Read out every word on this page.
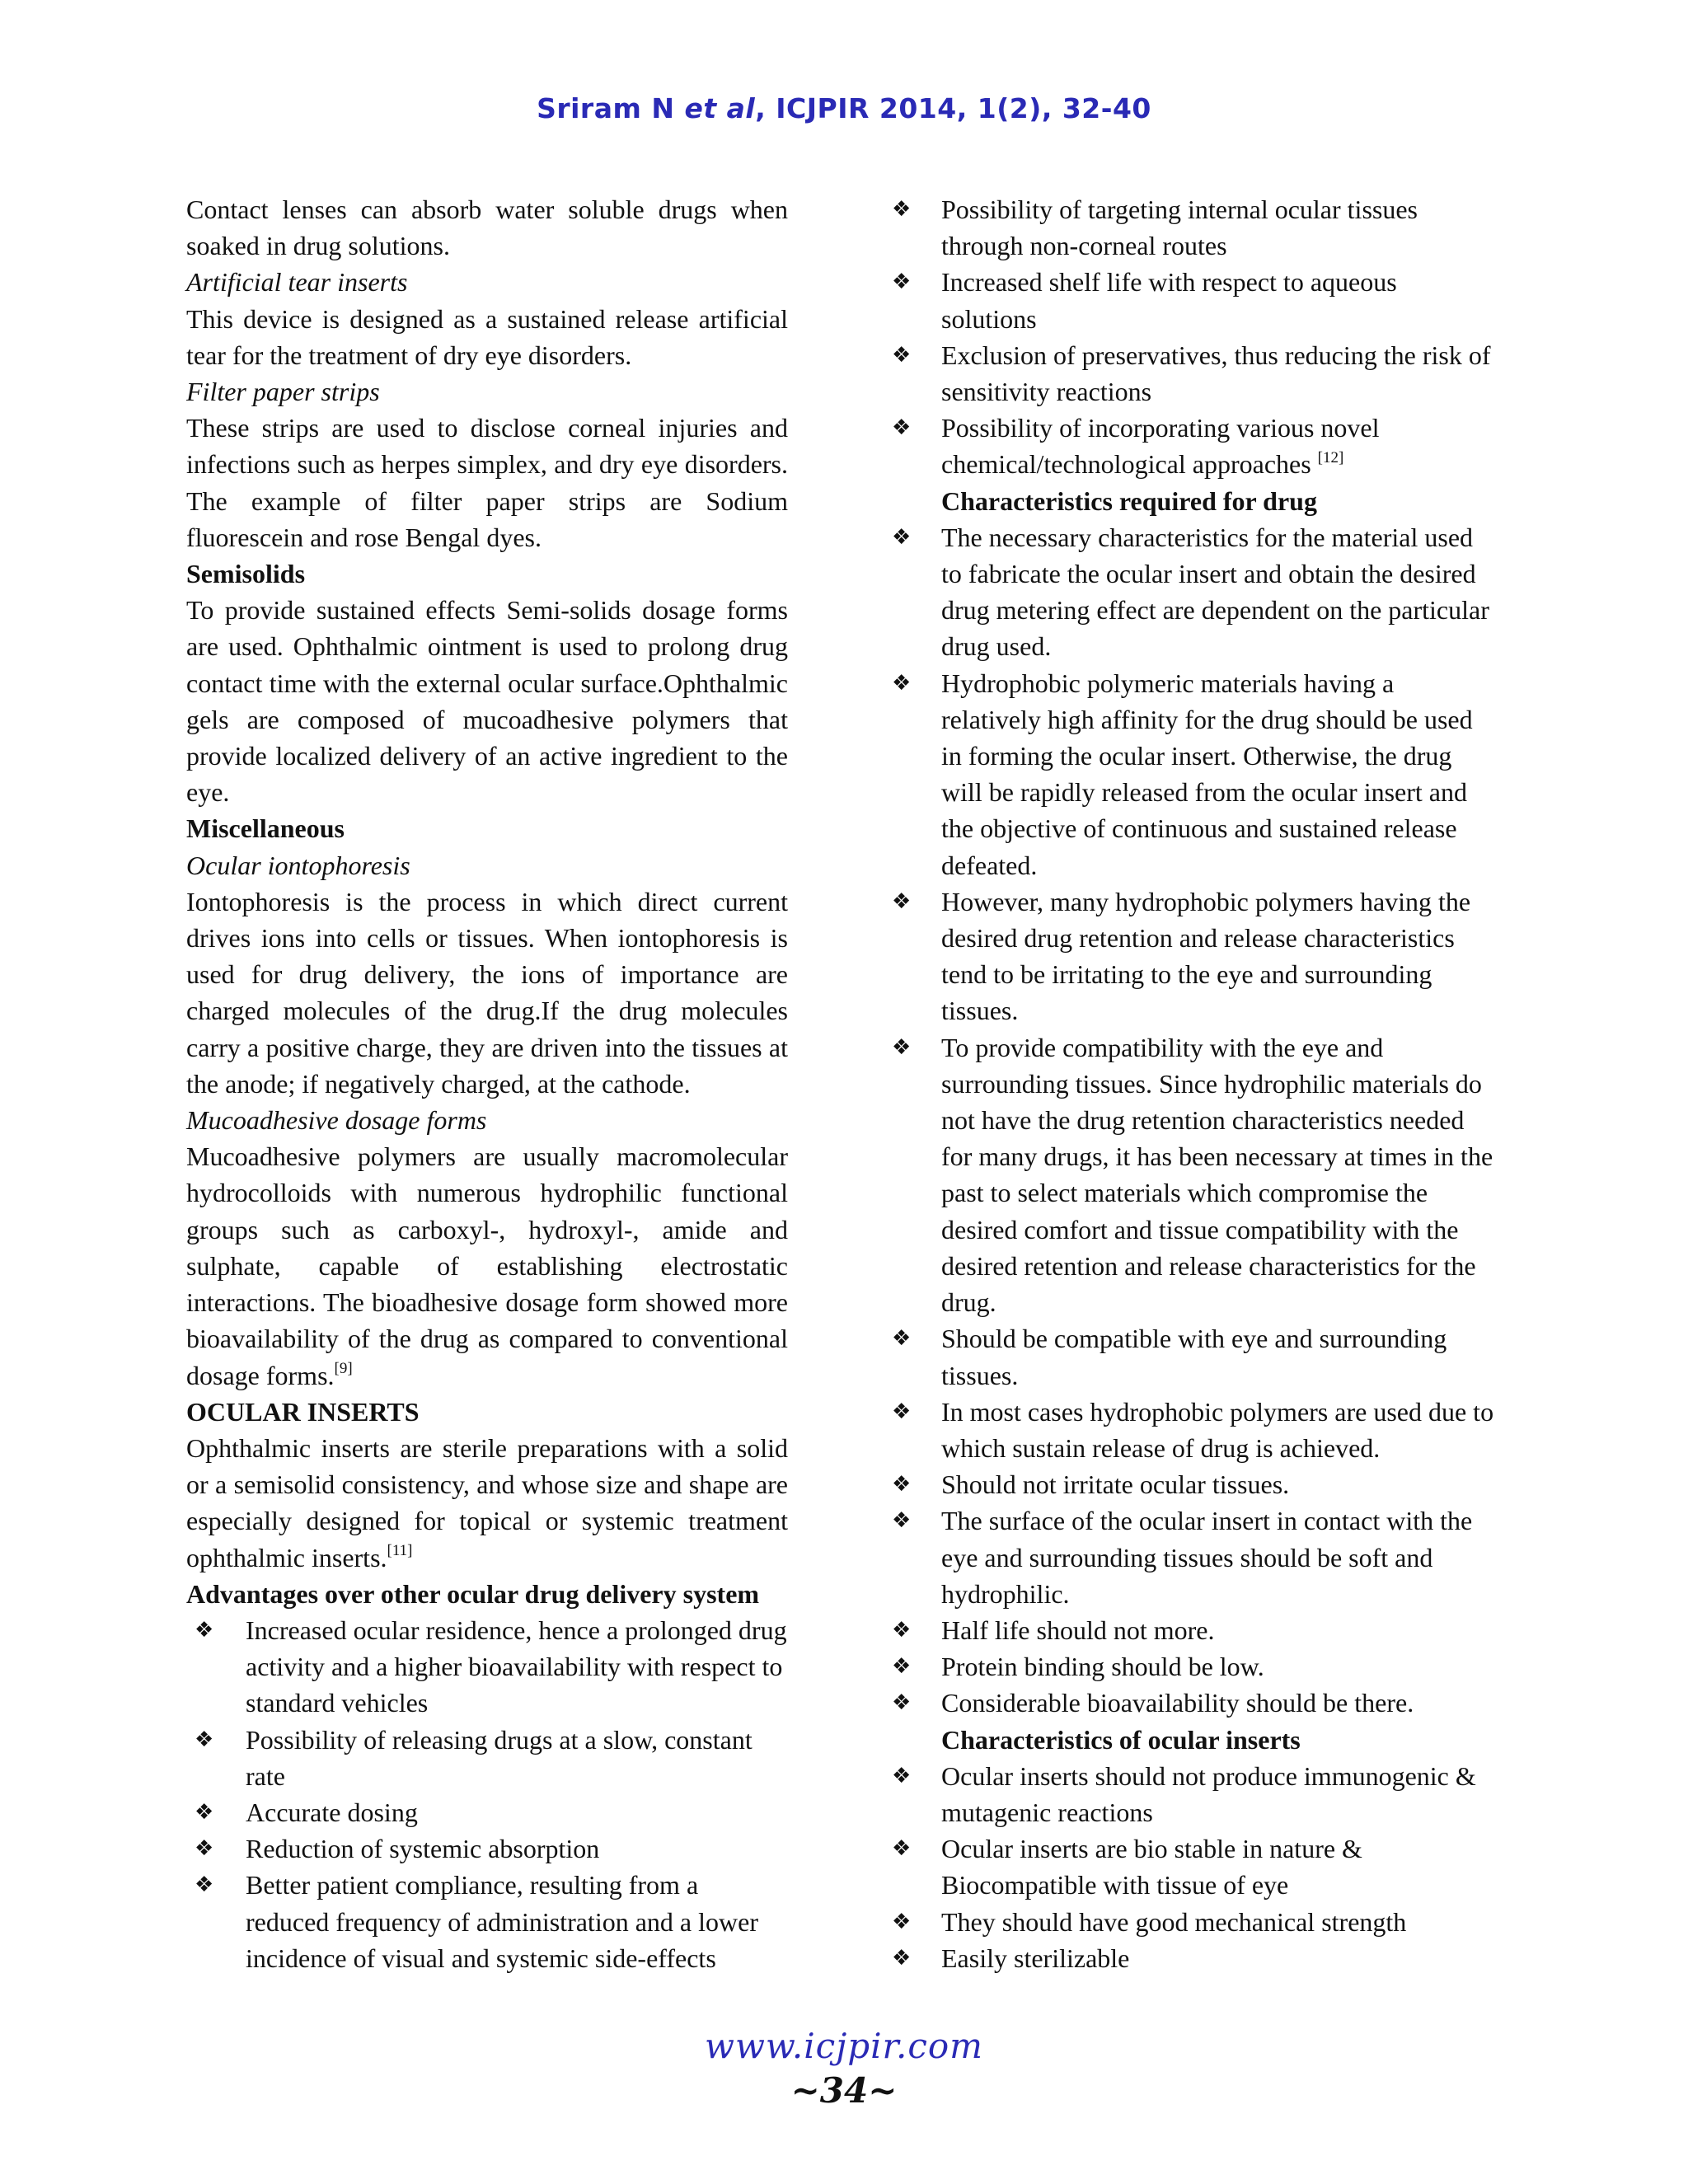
Sriram N et al, ICJPIR 2014, 1(2), 32-40

Contact lenses can absorb water soluble drugs when soaked in drug solutions.

Artificial tear inserts

This device is designed as a sustained release artificial tear for the treatment of dry eye disorders.

Filter paper strips

These strips are used to disclose corneal injuries and infections such as herpes simplex, and dry eye disorders. The example of filter paper strips are Sodium fluorescein and rose Bengal dyes.

Semisolids

To provide sustained effects Semi-solids dosage forms are used. Ophthalmic ointment is used to prolong drug contact time with the external ocular surface.Ophthalmic gels are composed of mucoadhesive polymers that provide localized delivery of an active ingredient to the eye.

Miscellaneous

Ocular iontophoresis

Iontophoresis is the process in which direct current drives ions into cells or tissues. When iontophoresis is used for drug delivery, the ions of importance are charged molecules of the drug.If the drug molecules carry a positive charge, they are driven into the tissues at the anode; if negatively charged, at the cathode.

Mucoadhesive dosage forms

Mucoadhesive polymers are usually macromolecular hydrocolloids with numerous hydrophilic functional groups such as carboxyl-, hydroxyl-, amide and sulphate, capable of establishing electrostatic interactions. The bioadhesive dosage form showed more bioavailability of the drug as compared to conventional dosage forms.[9]

OCULAR INSERTS

Ophthalmic inserts are sterile preparations with a solid or a semisolid consistency, and whose size and shape are especially designed for topical or systemic treatment ophthalmic inserts.[11]

Advantages over other ocular drug delivery system

❖ Increased ocular residence, hence a prolonged drug activity and a higher bioavailability with respect to standard vehicles
❖ Possibility of releasing drugs at a slow, constant rate
❖ Accurate dosing
❖ Reduction of systemic absorption
❖ Better patient compliance, resulting from a reduced frequency of administration and a lower incidence of visual and systemic side-effects
❖ Possibility of targeting internal ocular tissues through non-corneal routes
❖ Increased shelf life with respect to aqueous solutions
❖ Exclusion of preservatives, thus reducing the risk of sensitivity reactions
❖ Possibility of incorporating various novel chemical/technological approaches [12]

Characteristics required for drug

❖ The necessary characteristics for the material used to fabricate the ocular insert and obtain the desired drug metering effect are dependent on the particular drug used.
❖ Hydrophobic polymeric materials having a relatively high affinity for the drug should be used in forming the ocular insert. Otherwise, the drug will be rapidly released from the ocular insert and the objective of continuous and sustained release defeated.
❖ However, many hydrophobic polymers having the desired drug retention and release characteristics tend to be irritating to the eye and surrounding tissues.
❖ To provide compatibility with the eye and surrounding tissues. Since hydrophilic materials do not have the drug retention characteristics needed for many drugs, it has been necessary at times in the past to select materials which compromise the desired comfort and tissue compatibility with the desired retention and release characteristics for the drug.
❖ Should be compatible with eye and surrounding tissues.
❖ In most cases hydrophobic polymers are used due to which sustain release of drug is achieved.
❖ Should not irritate ocular tissues.
❖ The surface of the ocular insert in contact with the eye and surrounding tissues should be soft and hydrophilic.
❖ Half life should not more.
❖ Protein binding should be low.
❖ Considerable bioavailability should be there.

Characteristics of ocular inserts

❖ Ocular inserts should not produce immunogenic & mutagenic reactions
❖ Ocular inserts are bio stable in nature & Biocompatible with tissue of eye
❖ They should have good mechanical strength
❖ Easily sterilizable
www.icjpir.com
~34~
